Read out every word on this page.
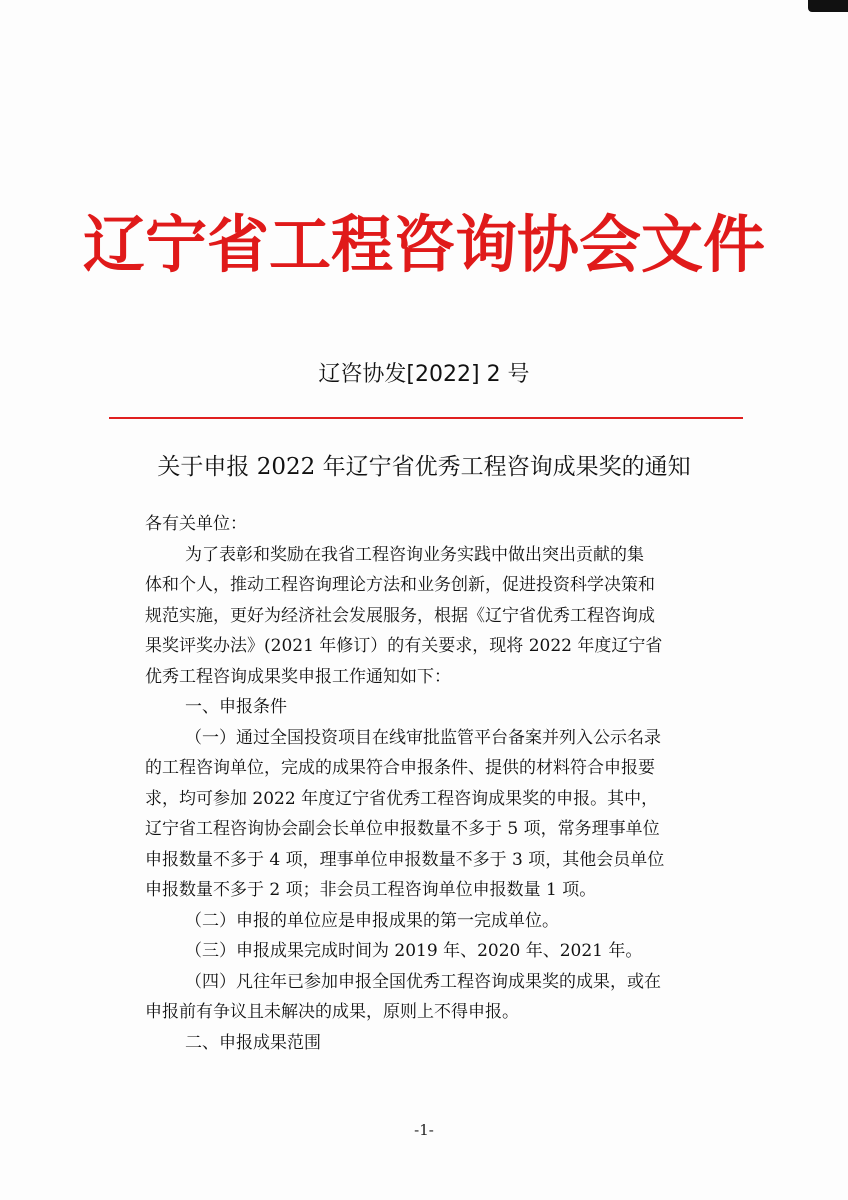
辽宁省工程咨询协会文件
辽咨协发[2022] 2 号
关于申报 2022 年辽宁省优秀工程咨询成果奖的通知
各有关单位：
为了表彰和奖励在我省工程咨询业务实践中做出突出贡献的集
体和个人，推动工程咨询理论方法和业务创新，促进投资科学决策和
规范实施，更好为经济社会发展服务，根据《辽宁省优秀工程咨询成
果奖评奖办法》(2021 年修订）的有关要求，现将 2022 年度辽宁省
优秀工程咨询成果奖申报工作通知如下：
一、申报条件
（一）通过全国投资项目在线审批监管平台备案并列入公示名录
的工程咨询单位，完成的成果符合申报条件、提供的材料符合申报要
求，均可参加 2022 年度辽宁省优秀工程咨询成果奖的申报。其中，
辽宁省工程咨询协会副会长单位申报数量不多于 5 项，常务理事单位
申报数量不多于 4 项，理事单位申报数量不多于 3 项，其他会员单位
申报数量不多于 2 项；非会员工程咨询单位申报数量 1 项。
（二）申报的单位应是申报成果的第一完成单位。
（三）申报成果完成时间为 2019 年、2020 年、2021 年。
（四）凡往年已参加申报全国优秀工程咨询成果奖的成果，或在
申报前有争议且未解决的成果，原则上不得申报。
二、申报成果范围
-1-
